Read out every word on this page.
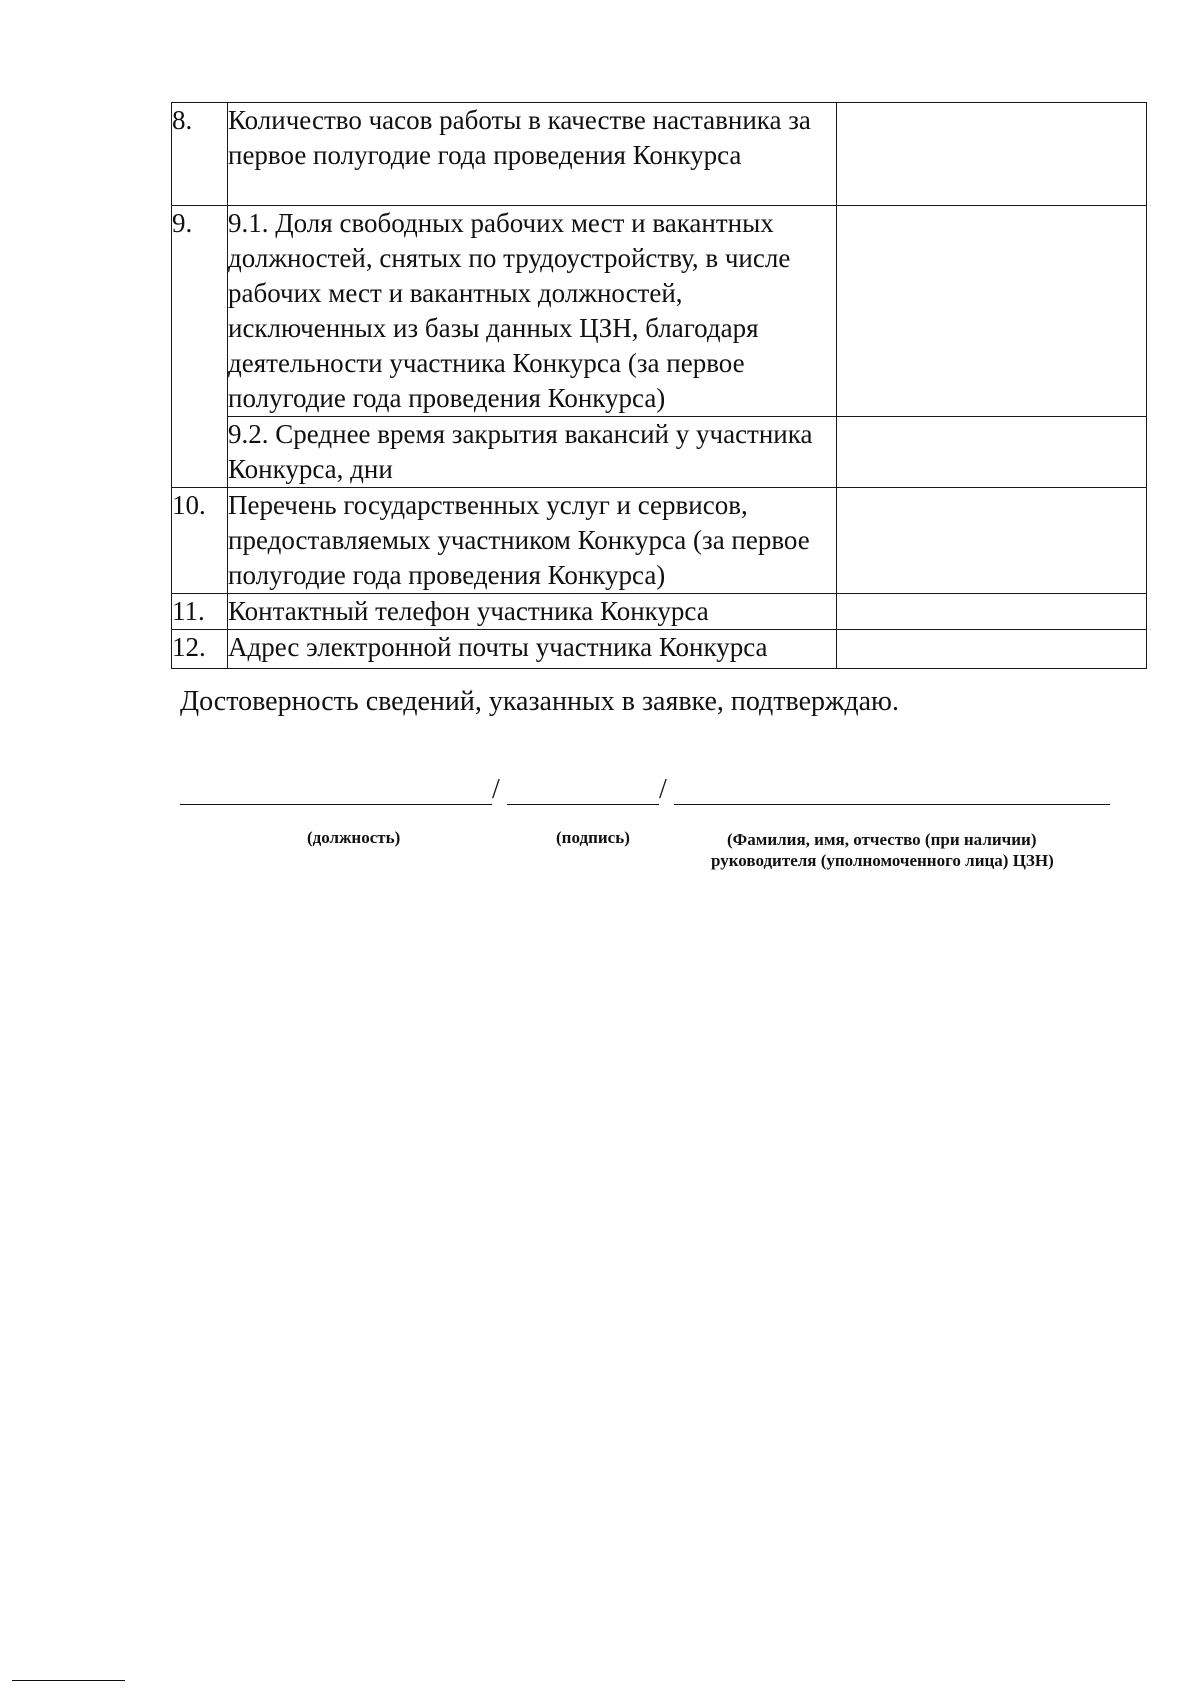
8.	Количество часов работы в качестве наставника за первое полугодие года проведения Конкурса	
9.	9.1. Доля свободных рабочих мест и вакантных должностей, снятых по трудоустройству, в числе рабочих мест и вакантных должностей, исключенных из базы данных ЦЗН, благодаря деятельности участника Конкурса (за первое полугодие года проведения Конкурса)	
	9.2. Среднее время закрытия вакансий у участника Конкурса, дни	
10.	Перечень государственных услуг и сервисов, предоставляемых участником Конкурса (за первое полугодие года проведения Конкурса)	
11.	Контактный телефон участника Конкурса	
12.	Адрес электронной почты участника Конкурса	
Достоверность сведений, указанных в заявке, подтверждаю.
/	/
(должность)	(подпись)	(Фамилия, имя, отчество (при наличии)
руководителя (уполномоченного лица) ЦЗН)
